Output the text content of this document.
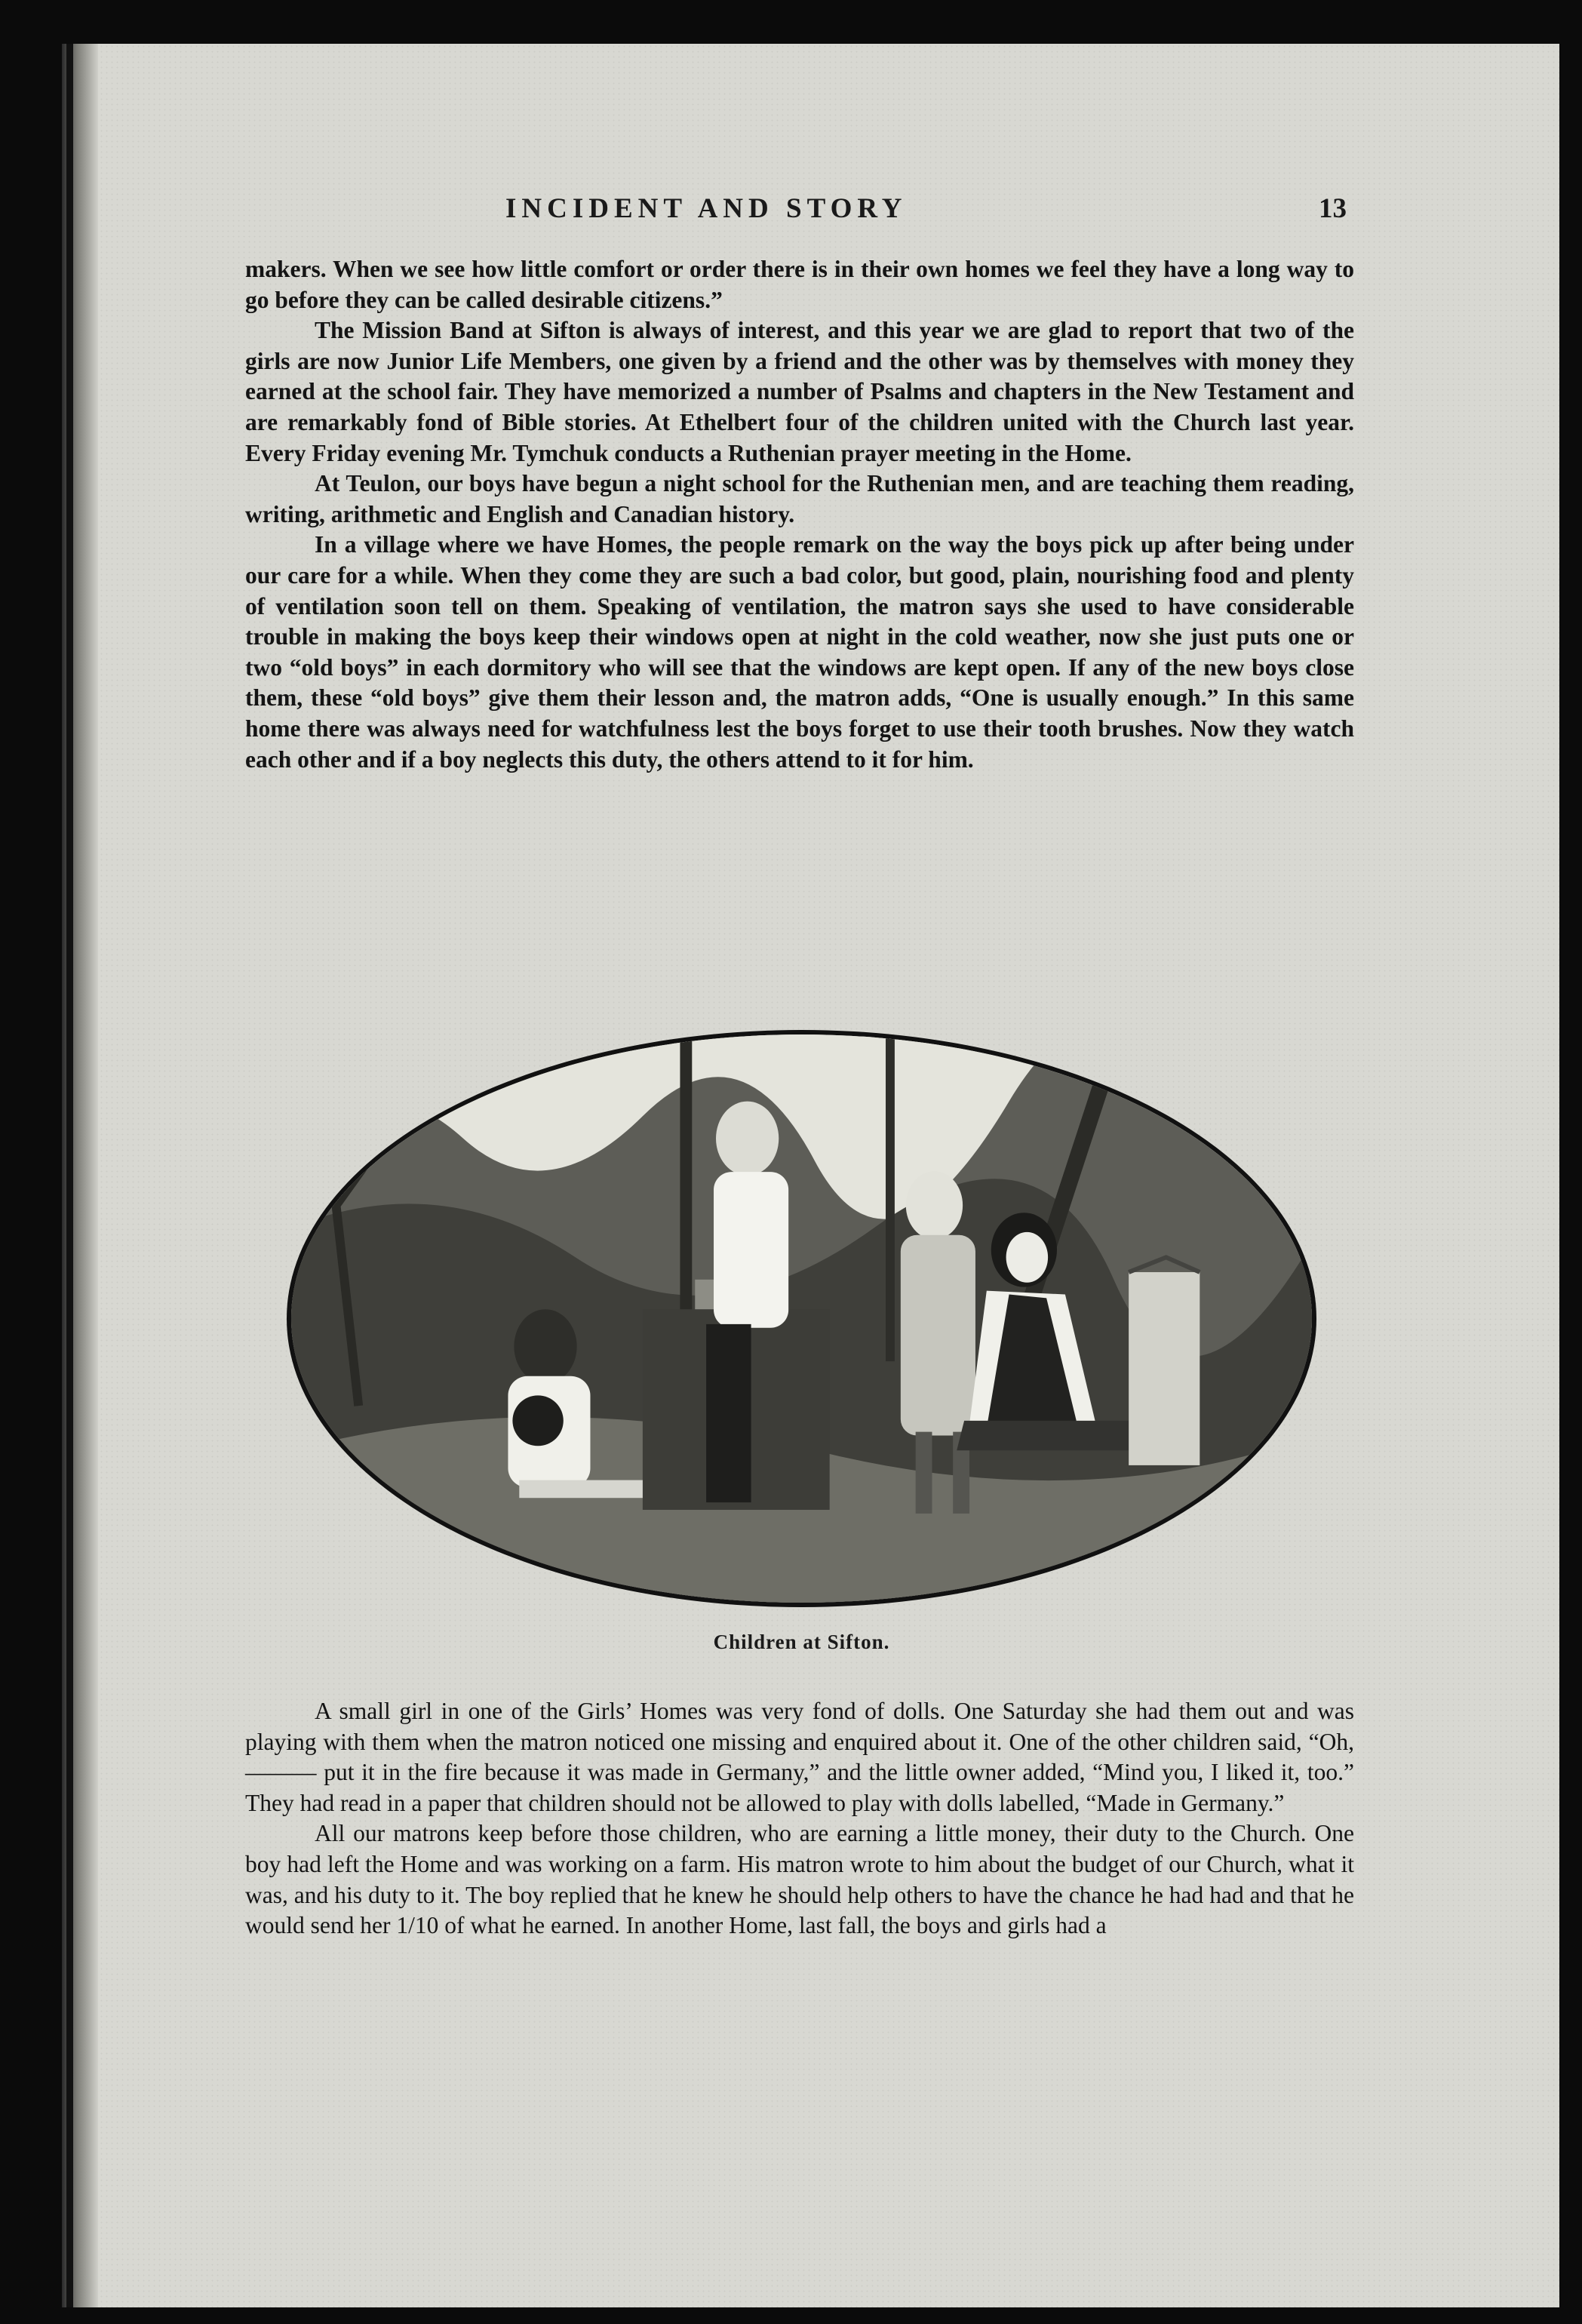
INCIDENT AND STORY	13

makers. When we see how little comfort or order there is in their own homes we feel they have a long way to go before they can be called desirable citizens.”

The Mission Band at Sifton is always of interest, and this year we are glad to report that two of the girls are now Junior Life Members, one given by a friend and the other was by themselves with money they earned at the school fair. They have memorized a number of Psalms and chapters in the New Testament and are remarkably fond of Bible stories. At Ethelbert four of the children united with the Church last year. Every Friday evening Mr. Tymchuk conducts a Ruthenian prayer meeting in the Home.

At Teulon, our boys have begun a night school for the Ruthenian men, and are teaching them reading, writing, arithmetic and English and Canadian history.

In a village where we have Homes, the people remark on the way the boys pick up after being under our care for a while. When they come they are such a bad color, but good, plain, nourishing food and plenty of ventilation soon tell on them. Speaking of ventilation, the matron says she used to have considerable trouble in making the boys keep their windows open at night in the cold weather, now she just puts one or two “old boys” in each dormitory who will see that the windows are kept open. If any of the new boys close them, these “old boys” give them their lesson and, the matron adds, “One is usually enough.” In this same home there was always need for watchfulness lest the boys forget to use their tooth brushes. Now they watch each other and if a boy neglects this duty, the others attend to it for him.

Children at Sifton.

A small girl in one of the Girls’ Homes was very fond of dolls. One Saturday she had them out and was playing with them when the matron noticed one missing and enquired about it. One of the other children said, “Oh, ——— put it in the fire because it was made in Germany,” and the little owner added, “Mind you, I liked it, too.” They had read in a paper that children should not be allowed to play with dolls labelled, “Made in Germany.”

All our matrons keep before those children, who are earning a little money, their duty to the Church. One boy had left the Home and was working on a farm. His matron wrote to him about the budget of our Church, what it was, and his duty to it. The boy replied that he knew he should help others to have the chance he had had and that he would send her 1/10 of what he earned. In another Home, last fall, the boys and girls had a
